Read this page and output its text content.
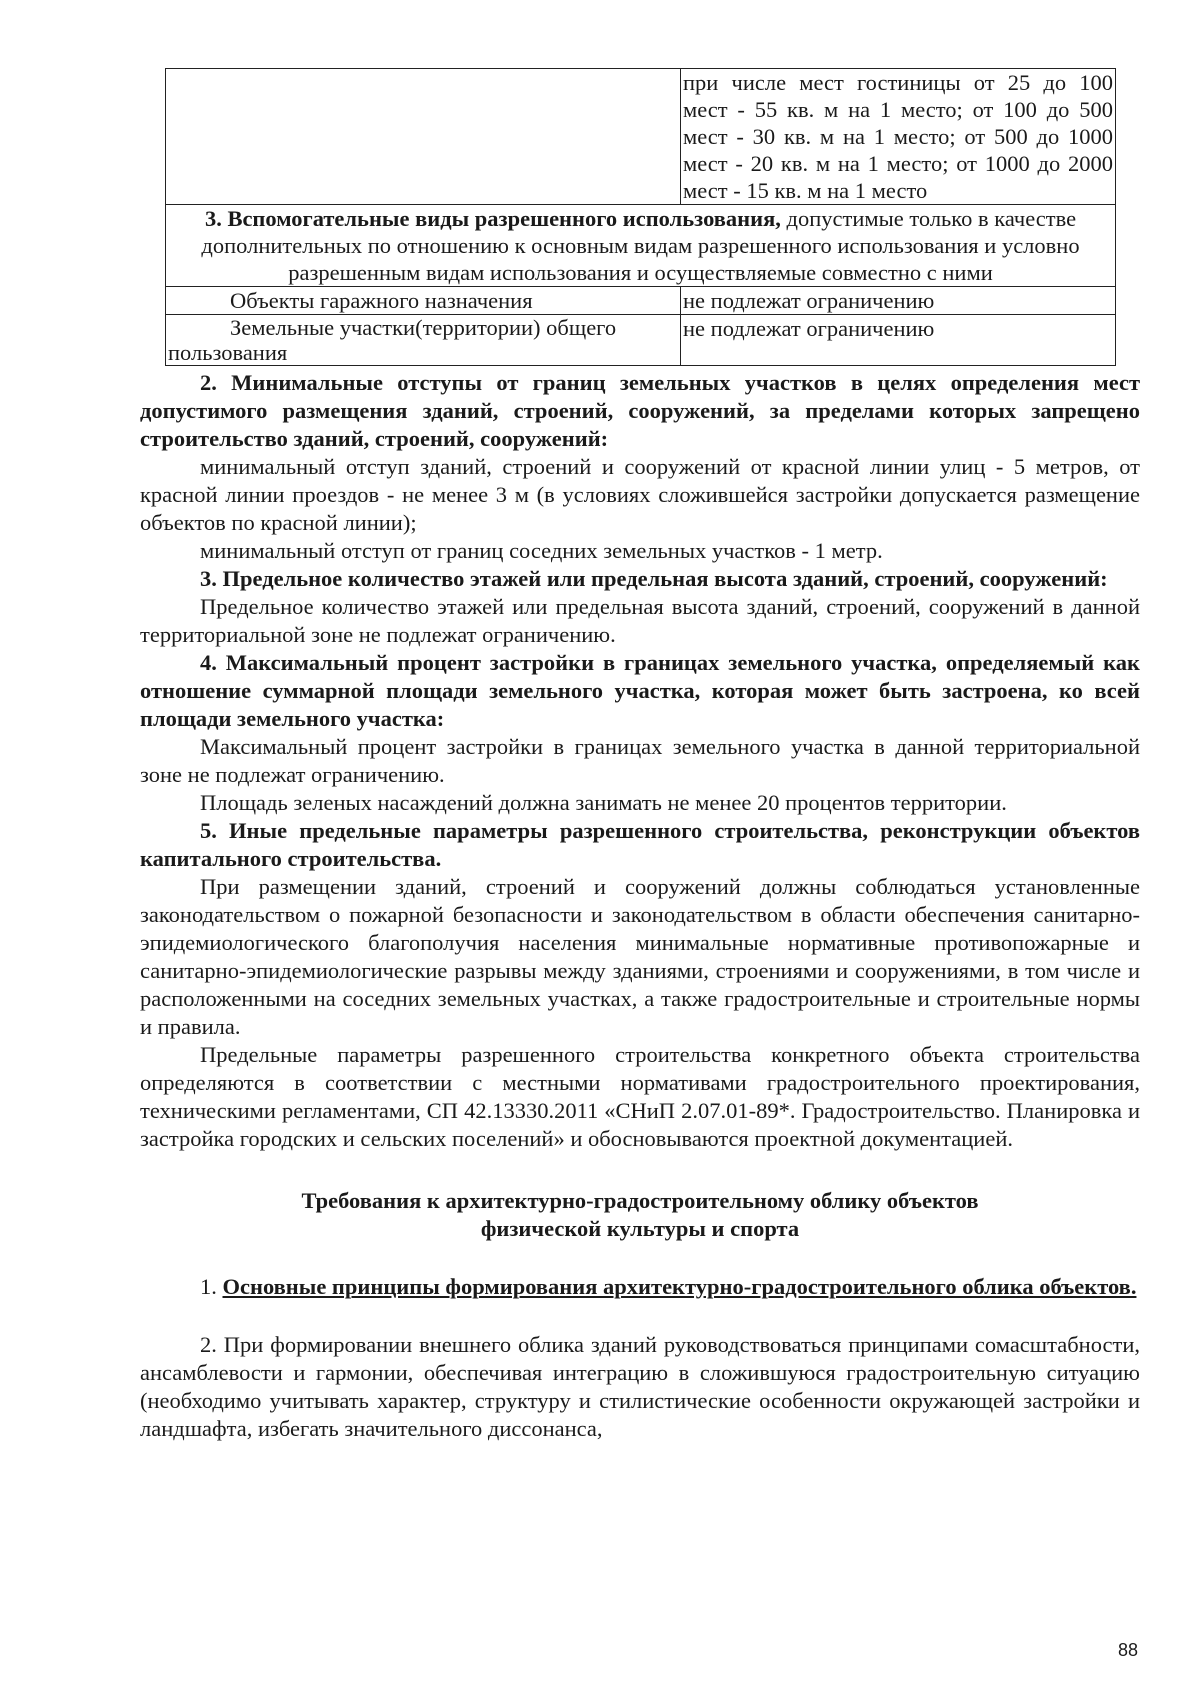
	при числе мест гостиницы от 25 до 100
мест - 55 кв. м на 1 место; от 100 до 500
мест - 30 кв. м на 1 место; от 500 до 1000
мест - 20 кв. м на 1 место; от 1000 до 2000
мест - 15 кв. м на 1 место

3. Вспомогательные виды разрешенного использования, допустимые только в качестве дополнительных по отношению к основным видам разрешенного использования и условно разрешенным видам использования и осуществляемые совместно с ними	
Объекты гаражного назначения	не подлежат ограничению
Земельные участки(территории) общего пользования	не подлежат ограничению

2. Минимальные отступы от границ земельных участков в целях определения мест допустимого размещения зданий, строений, сооружений, за пределами которых запрещено строительство зданий, строений, сооружений:

минимальный отступ зданий, строений и сооружений от красной линии улиц - 5 метров, от красной линии проездов - не менее 3 м (в условиях сложившейся застройки допускается размещение объектов по красной линии);

минимальный отступ от границ соседних земельных участков - 1 метр.

3. Предельное количество этажей или предельная высота зданий, строений, сооружений:

Предельное количество этажей или предельная высота зданий, строений, сооружений в данной территориальной зоне не подлежат ограничению.

4. Максимальный процент застройки в границах земельного участка, определяемый как отношение суммарной площади земельного участка, которая может быть застроена, ко всей площади земельного участка:

Максимальный процент застройки в границах земельного участка в данной территориальной зоне не подлежат ограничению.

Площадь зеленых насаждений должна занимать не менее 20 процентов территории.

5. Иные предельные параметры разрешенного строительства, реконструкции объектов капитального строительства.

При размещении зданий, строений и сооружений должны соблюдаться установленные законодательством о пожарной безопасности и законодательством в области обеспечения санитарно-эпидемиологического благополучия населения минимальные нормативные противопожарные и санитарно-эпидемиологические разрывы между зданиями, строениями и сооружениями, в том числе и расположенными на соседних земельных участках, а также градостроительные и строительные нормы и правила.

Предельные параметры разрешенного строительства конкретного объекта строительства определяются в соответствии с местными нормативами градостроительного проектирования, техническими регламентами, СП 42.13330.2011 «СНиП 2.07.01-89*. Градостроительство. Планировка и застройка городских и сельских поселений» и обосновываются проектной документацией.

Требования к архитектурно-градостроительному облику объектов
физической культуры и спорта

1. Основные принципы формирования архитектурно-градостроительного облика объектов.

2. При формировании внешнего облика зданий руководствоваться принципами сомасштабности, ансамблевости и гармонии, обеспечивая интеграцию в сложившуюся градостроительную ситуацию (необходимо учитывать характер, структуру и стилистические особенности окружающей застройки и ландшафта, избегать значительного диссонанса,

88
